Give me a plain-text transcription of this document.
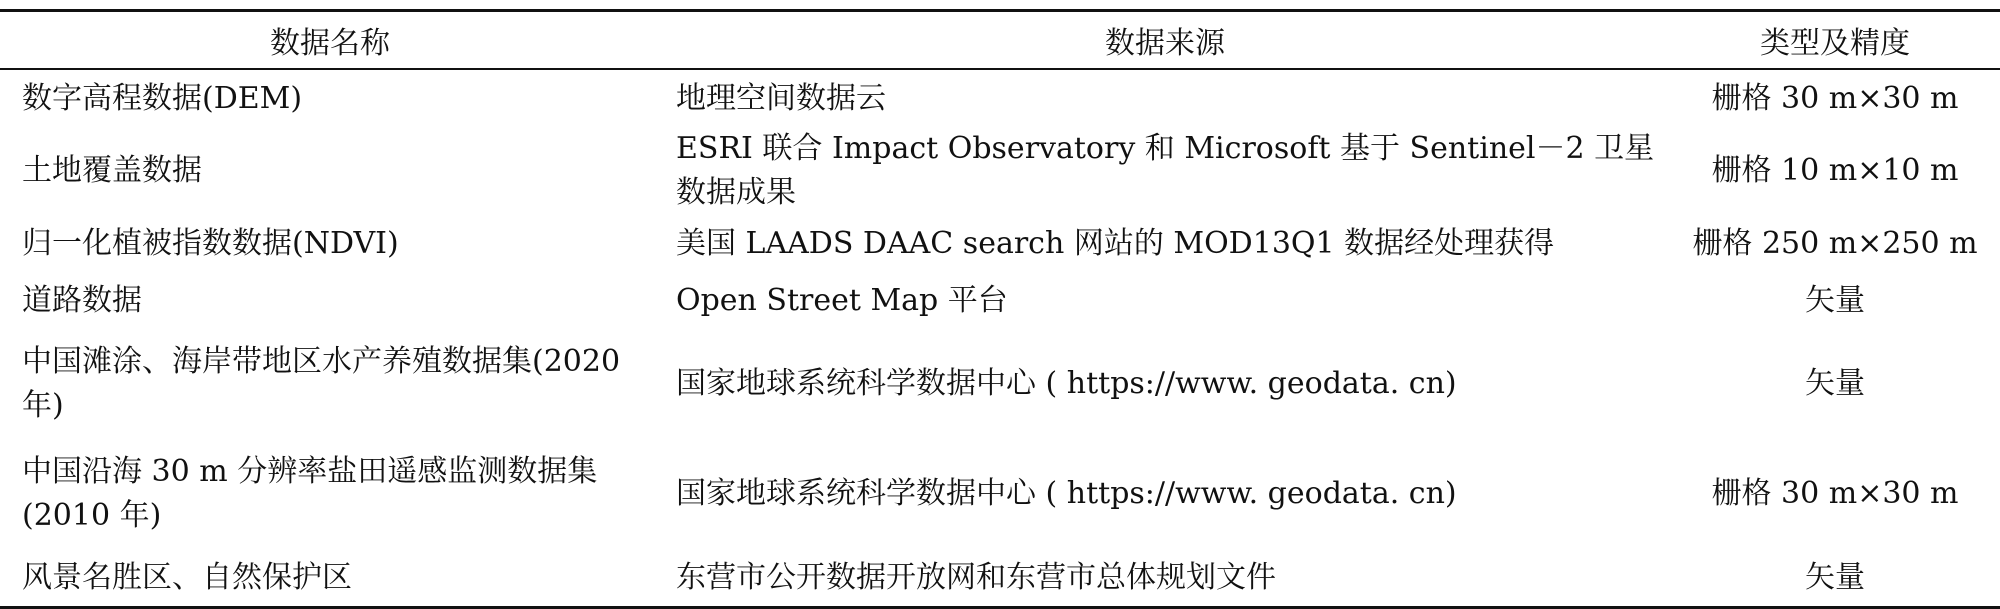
数据名称	数据来源	类型及精度
数字高程数据(DEM)	地理空间数据云	栅格 30 m×30 m
土地覆盖数据	ESRI 联合 Impact Observatory 和 Microsoft 基于 Sentinel－2 卫星数据成果	栅格 10 m×10 m
归一化植被指数数据(NDVI)	美国 LAADS DAAC search 网站的 MOD13Q1 数据经处理获得	栅格 250 m×250 m
道路数据	Open Street Map 平台	矢量

中国滩涂、海岸带地区水产养殖数据集(2020 年)	国家地球系统科学数据中心 ( https://www. geodata. cn)	矢量

中国沿海 30 m 分辨率盐田遥感监测数据集(2010 年)	国家地球系统科学数据中心 ( https://www. geodata. cn)	栅格 30 m×30 m
风景名胜区、自然保护区	东营市公开数据开放网和东营市总体规划文件	矢量
